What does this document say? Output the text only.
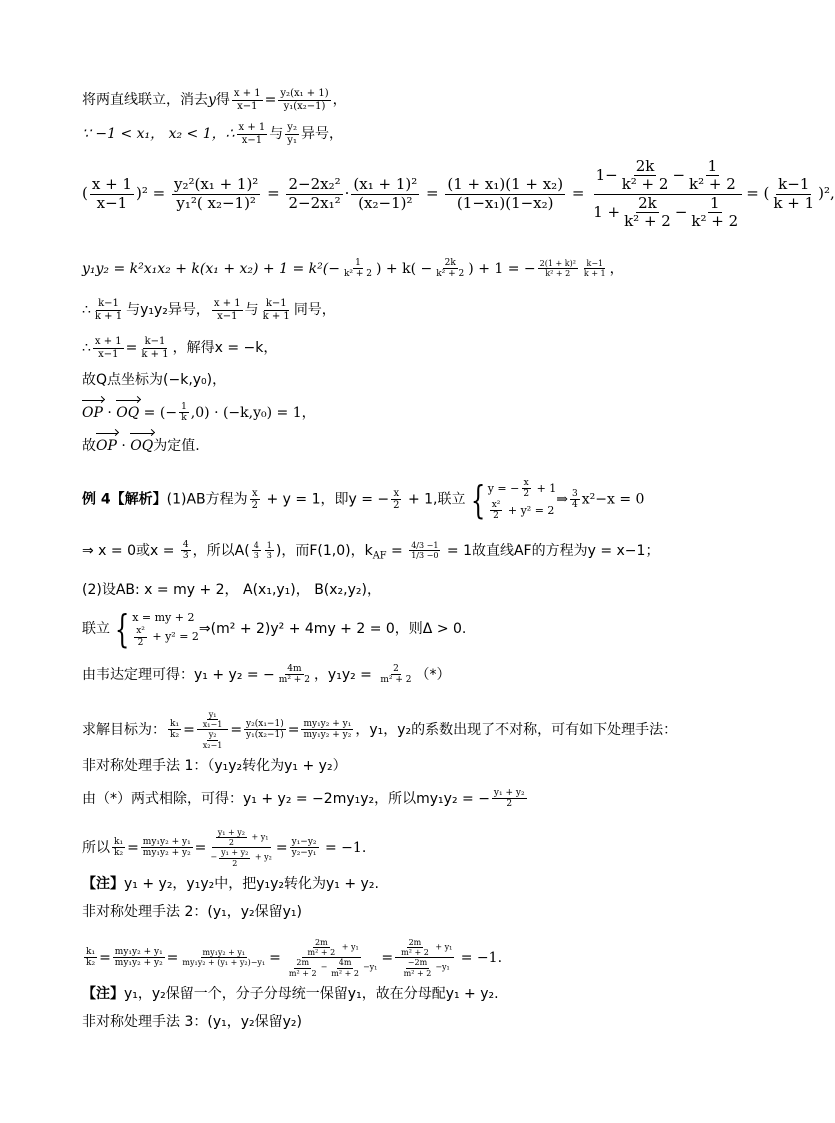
将两直线联立，消去y得 $\frac{x + 1}{x-1} = \frac{\text{y₂(x₁ + 1)}}{\text{y₁(x₂−1)}}$ ，
∵ −1 < x₁， x₂ < 1，∴ $\frac{x + 1}{x-1}$ 与 $\frac{\text{y₂}}{\text{y₁}}$ 异号，
( $\frac{x + 1}{x-1} )^2 = \frac{\text{y₂²(x₁ + 1)²}}{\text{y₁²( x₂−1)²}} = \frac{\text{2−2x₂²}}{\text{2−2x₁²}} \cdot \frac{\text{(x₁ + 1)²}}{\text{(x₂−1)²}} = \frac{\text{(1 + x₁)(1 + x₂)}}{\text{(1−x₁)(1−x₂)}} = \frac{1- \frac{2k}{\text{k² + 2}} - \frac{1}{\text{k² + 2}}}{1 + \frac{2k}{\text{k² + 2}} - \frac{1}{\text{k² + 2}}}$ = ( $\frac{k-1}{k + 1} )^2$,
$y_1y_2 = k^2x_1x_2 + k(x_1 + x_2) + 1 = k^2(- \frac{1}{\text{k² + 2}}$ ) + $k( - \frac{2k}{\text{k² + 2}}$ ) + 1 = − $\frac{\text{2(1 + k)²}}{\text{k² + 2}} \frac{k-1}{k + 1}$ ，
∴ $\frac{k-1}{k + 1}$ 与y₁y₂异号， $\frac{x + 1}{x-1}$ 与 $\frac{k-1}{k + 1}$ 同号，
∴ $\frac{x + 1}{x-1} = \frac{k-1}{k + 1}$ ，解得x = −k，
故Q点坐标为(−k,y₀)，
OP · OQ = (− $\frac{1}{k} ,0) \cdot (-k,y_0) = 1$，
故OP · OQ为定值.
例 4【解析】(1)AB方程为 $\frac{x}{2} + y = 1$，即y = − $\frac{x}{2} + 1$,联立 { y = − $\frac{x}{2} + 1$
$\frac{\text{x²}}{2} + y^2 = 2$
⇒ $\frac{3}{4} x^2-x = 0$
⇒ x = 0或$x = \frac{4}{3}$ ，所以$A( \frac{4}{3} \frac{1}{3}$ )，而F(1,0)，$k_{AF} = \frac{4/3 -1}{1/3 -0} = 1$故直线AF的方程为y = x−1；
(2)设AB: x = my + 2， A(x₁,y₁)， B(x₂,y₂)，
联立 { x = my + 2
$\frac{\text{x²}}{2} + y^2 = 2$ ⇒(m² + 2)y² + 4my + 2 = 0，则Δ > 0.
由韦达定理可得：y₁ + y₂ = − $\frac{4m}{\text{m² + 2}}$ ，$y_1y_2 = \frac{2}{\text{m² + 2}}$ （*）
求解目标为： $\frac{\text{k₁}}{\text{k₂}} = \frac{\frac{\text{y₁}}{\text{x₁−1}}}{\frac{\text{y₂}}{\text{x₂−1}}} = \frac{\text{y₂(x₁−1)}}{\text{y₁(x₂−1)}} = \frac{\text{my₁y₂ + y₁}}{\text{my₁y₂ + y₂}}$ ，y₁，y₂的系数出现了不对称，可有如下处理手法：
非对称处理手法 1：（y₁y₂转化为y₁ + y₂）
由（*）两式相除，可得：y₁ + y₂ = −2my₁y₂，所以my₁y₂ = − $\frac{\text{y₁ + y₂}}{2}$
所以 $\frac{\text{k₁}}{\text{k₂}} = \frac{\text{my₁y₂ + y₁}}{\text{my₁y₂ + y₂}} = \frac{\frac{\text{y₁ + y₂}}{2} + y_1}{- \frac{\text{y₁ + y₂}}{2} + y_2} = \frac{\text{y₁−y₂}}{\text{y₂−y₁}} = -1$.
【注】y₁ + y₂，y₁y₂中，把y₁y₂转化为y₁ + y₂.
非对称处理手法 2：(y₁，y₂保留y₁)
$\frac{\text{k₁}}{\text{k₂}} = \frac{\text{my₁y₂ + y₁}}{\text{my₁y₂ + y₂}} = \frac{\text{my₁y₂ + y₁}}{\text{my₁y₂ + (y₁ + y₂)−y₁}} = \frac{\frac{2m}{\text{m² + 2}} + y_1}{\frac{2m}{\text{m² + 2}} - \frac{4m}{\text{m² + 2}} -y_1} = \frac{\frac{2m}{\text{m² + 2}} + y_1}{\frac{-2m}{\text{m² + 2}} -y_1} = -1$.
【注】y₁，y₂保留一个，分子分母统一保留y₁，故在分母配y₁ + y₂.
非对称处理手法 3：(y₁，y₂保留y₂)
